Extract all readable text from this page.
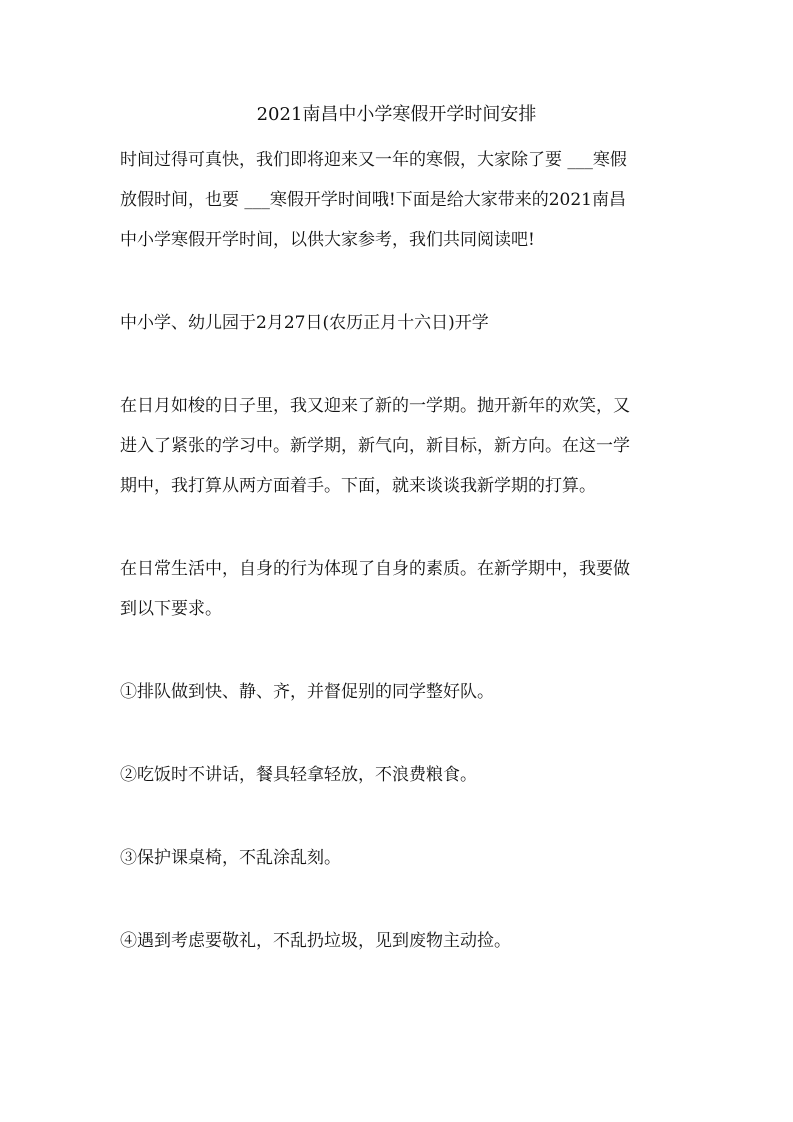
2021南昌中小学寒假开学时间安排
时间过得可真快，我们即将迎来又一年的寒假，大家除了要 ___寒假
放假时间，也要 ___寒假开学时间哦!下面是给大家带来的2021南昌
中小学寒假开学时间，以供大家参考，我们共同阅读吧!
中小学、幼儿园于2月27日(农历正月十六日)开学
在日月如梭的日子里，我又迎来了新的一学期。抛开新年的欢笑，又
进入了紧张的学习中。新学期，新气向，新目标，新方向。在这一学
期中，我打算从两方面着手。下面，就来谈谈我新学期的打算。
在日常生活中，自身的行为体现了自身的素质。在新学期中，我要做
到以下要求。
①排队做到快、静、齐，并督促别的同学整好队。
②吃饭时不讲话，餐具轻拿轻放，不浪费粮食。
③保护课桌椅，不乱涂乱刻。
④遇到考虑要敬礼，不乱扔垃圾，见到废物主动捡。
